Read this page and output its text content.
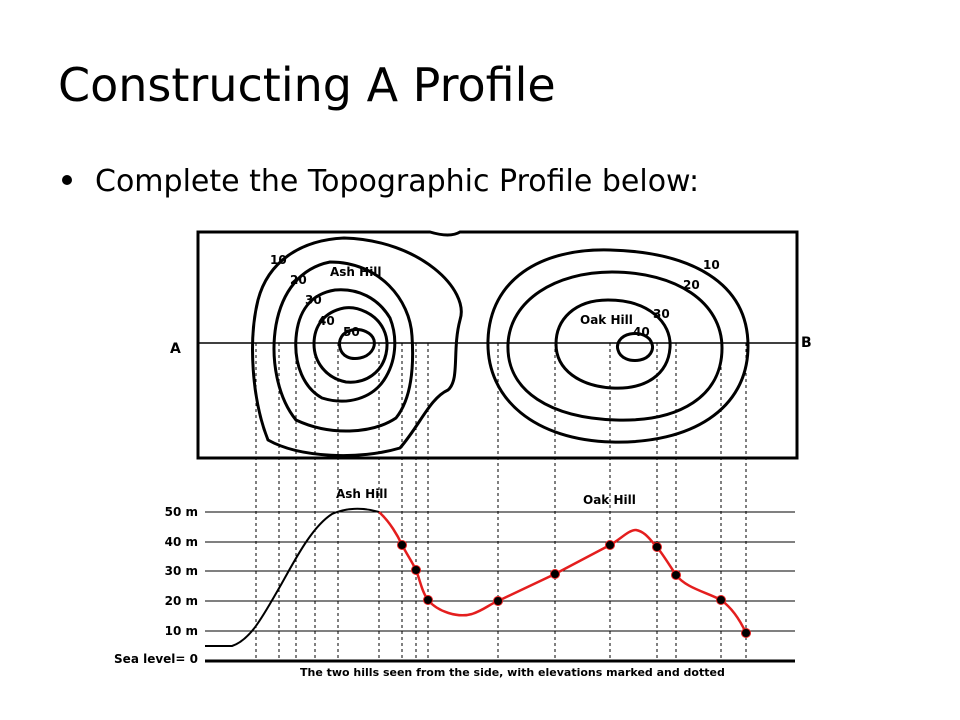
Constructing A Profile
Complete the Topographic Profile below:
A	B
Ash Hill
Oak Hill
10
20
30
40
50
10
20
30
40
50 m
40 m
30 m
20 m
10 m
Sea level= 0
Ash Hill	Oak Hill
The two hills seen from the side, with elevations marked and dotted
